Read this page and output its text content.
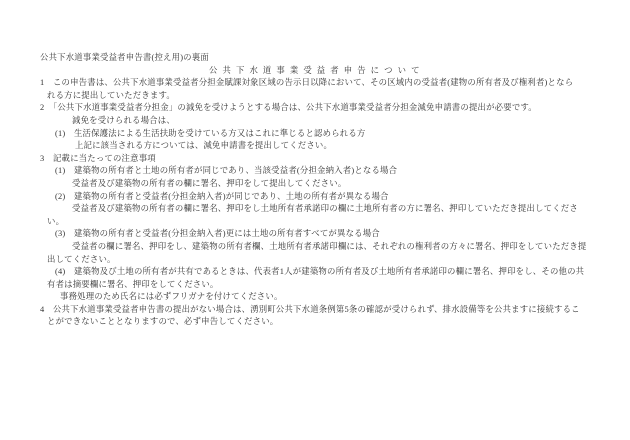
公共下水道事業受益者申告書(控え用)の裏面
公 共 下 水 道 事 業 受 益 者 申 告 に つ い て
1　この申告書は、公共下水道事業受益者分担金賦課対象区域の告示日以降において、その区域内の受益者(建物の所有者及び権利者)となら
れる方に提出していただきます。
2　「公共下水道事業受益者分担金」の減免を受けようとする場合は、公共下水道事業受益者分担金減免申請書の提出が必要です。
減免を受けられる場合は、
(1)　生活保護法による生活扶助を受けている方又はこれに準じると認められる方
上記に該当される方については、減免申請書を提出してください。
3　記載に当たっての注意事項
(1)　建築物の所有者と土地の所有者が同じであり、当該受益者(分担金納入者)となる場合
受益者及び建築物の所有者の欄に署名、押印をして提出してください。
(2)　建築物の所有者と受益者(分担金納入者)が同じであり、土地の所有者が異なる場合
受益者及び建築物の所有者の欄に署名、押印をし土地所有者承諾印の欄に土地所有者の方に署名、押印していただき提出してくださ
い。
(3)　建築物の所有者と受益者(分担金納入者)更には土地の所有者すべてが異なる場合
受益者の欄に署名、押印をし、建築物の所有者欄、土地所有者承諾印欄には、それぞれの権利者の方々に署名、押印をしていただき提
出してください。
(4)　建築物及び土地の所有者が共有であるときは、代表者1人が建築物の所有者及び土地所有者承諾印の欄に署名、押印をし、その他の共
有者は摘要欄に署名、押印をしてください。
事務処理のため氏名には必ずフリガナを付けてください。
4　公共下水道事業受益者申告書の提出がない場合は、湧別町公共下水道条例第5条の確認が受けられず、排水設備等を公共ますに接続するこ
とができないこととなりますので、必ず申告してください。
